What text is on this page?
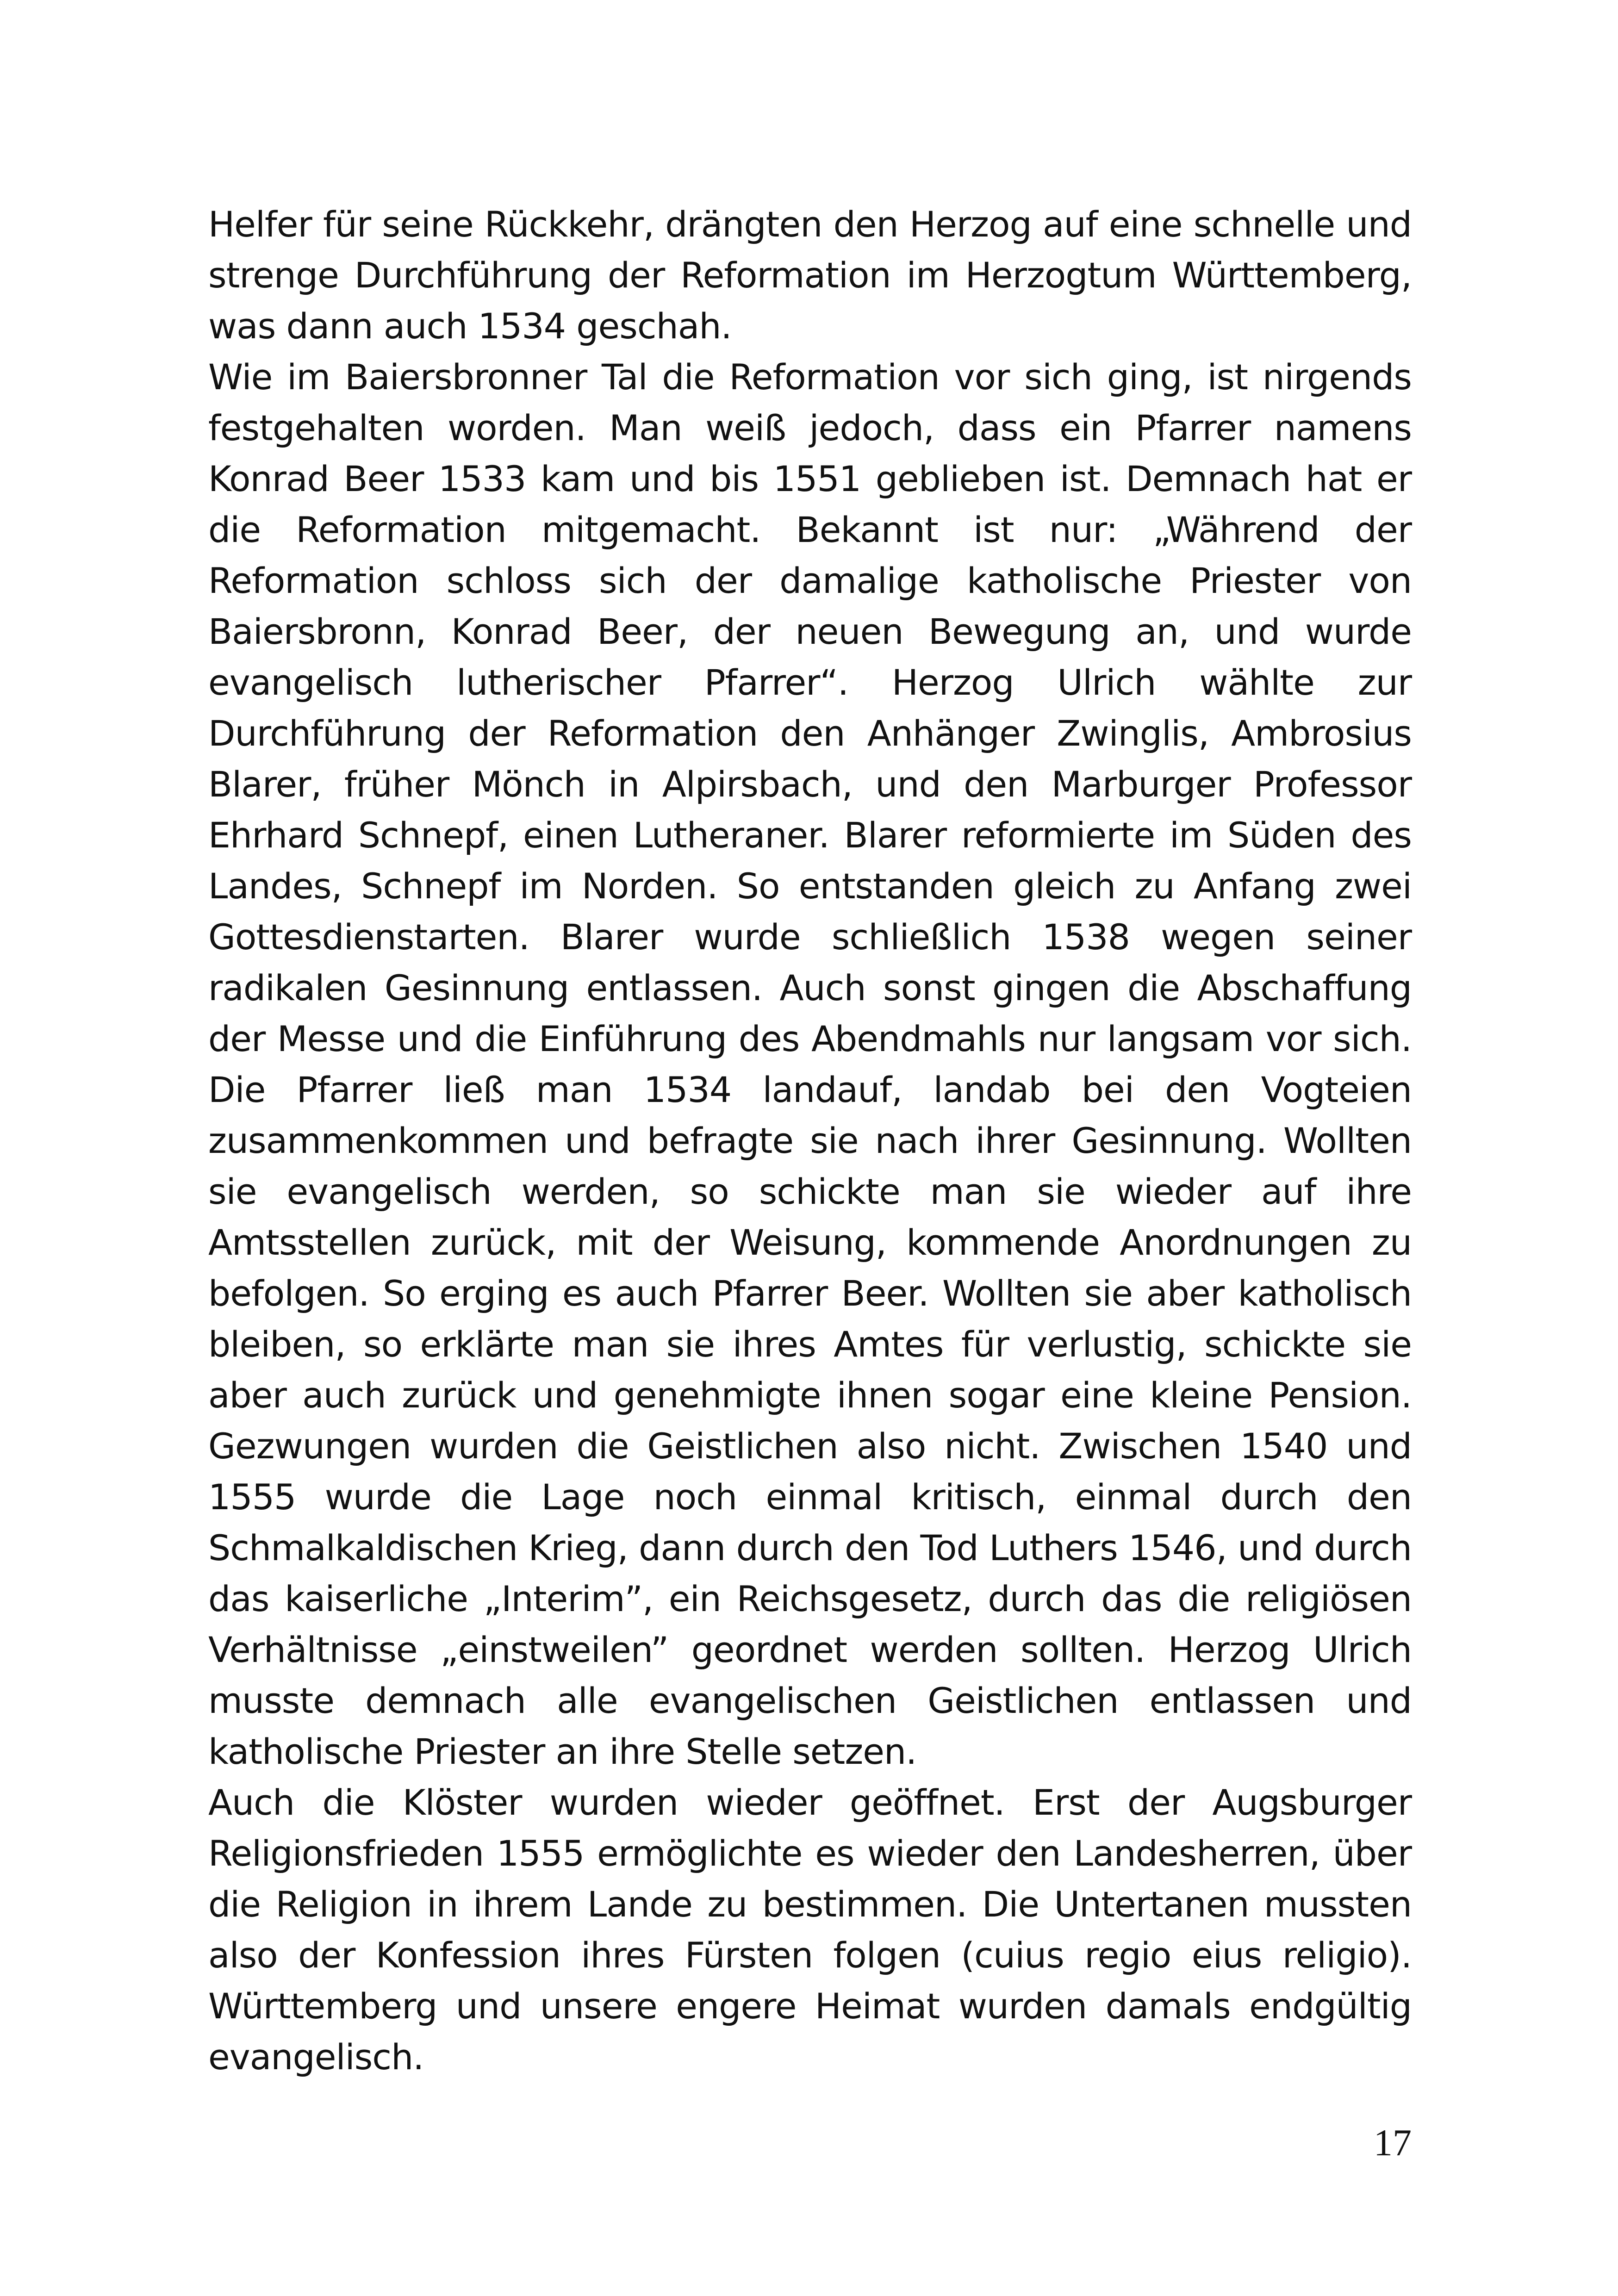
Helfer für seine Rückkehr, drängten den Herzog auf eine schnelle und strenge Durchführung der Reformation im Herzogtum Württemberg, was dann auch 1534 geschah.

Wie im Baiersbronner Tal die Reformation vor sich ging, ist nirgends festgehalten worden. Man weiß jedoch, dass ein Pfarrer namens Konrad Beer 1533 kam und bis 1551 geblieben ist. Demnach hat er die Reformation mitgemacht. Bekannt ist nur: „Während der Reformation schloss sich der damalige katholische Priester von Baiersbronn, Konrad Beer, der neuen Bewegung an, und wurde evangelisch lutherischer Pfarrer“. Herzog Ulrich wählte zur Durchführung der Reformation den Anhänger Zwinglis, Ambrosius Blarer, früher Mönch in Alpirsbach, und den Marburger Professor Ehrhard Schnepf, einen Lutheraner. Blarer reformierte im Süden des Landes, Schnepf im Norden. So entstanden gleich zu Anfang zwei Gottesdienstarten. Blarer wurde schließlich 1538 wegen seiner radikalen Gesinnung entlassen. Auch sonst gingen die Abschaffung der Messe und die Einführung des Abendmahls nur langsam vor sich. Die Pfarrer ließ man 1534 landauf, landab bei den Vogteien zusammenkommen und befragte sie nach ihrer Gesinnung. Wollten sie evangelisch werden, so schickte man sie wieder auf ihre Amtsstellen zurück, mit der Weisung, kommende Anordnungen zu befolgen. So erging es auch Pfarrer Beer. Wollten sie aber katholisch bleiben, so erklärte man sie ihres Amtes für verlustig, schickte sie aber auch zurück und genehmigte ihnen sogar eine kleine Pension. Gezwungen wurden die Geistlichen also nicht. Zwischen 1540 und 1555 wurde die Lage noch einmal kritisch, einmal durch den Schmalkaldischen Krieg, dann durch den Tod Luthers 1546, und durch das kaiserliche „Interim”, ein Reichsgesetz, durch das die religiösen Verhältnisse „einstweilen” geordnet werden sollten. Herzog Ulrich musste demnach alle evangelischen Geistlichen entlassen und katholische Priester an ihre Stelle setzen.

Auch die Klöster wurden wieder geöffnet. Erst der Augsburger Religionsfrieden 1555 ermöglichte es wieder den Landesherren, über die Religion in ihrem Lande zu bestimmen. Die Untertanen mussten also der Konfession ihres Fürsten folgen (cuius regio eius religio). Württemberg und unsere engere Heimat wurden damals endgültig evangelisch.

17
